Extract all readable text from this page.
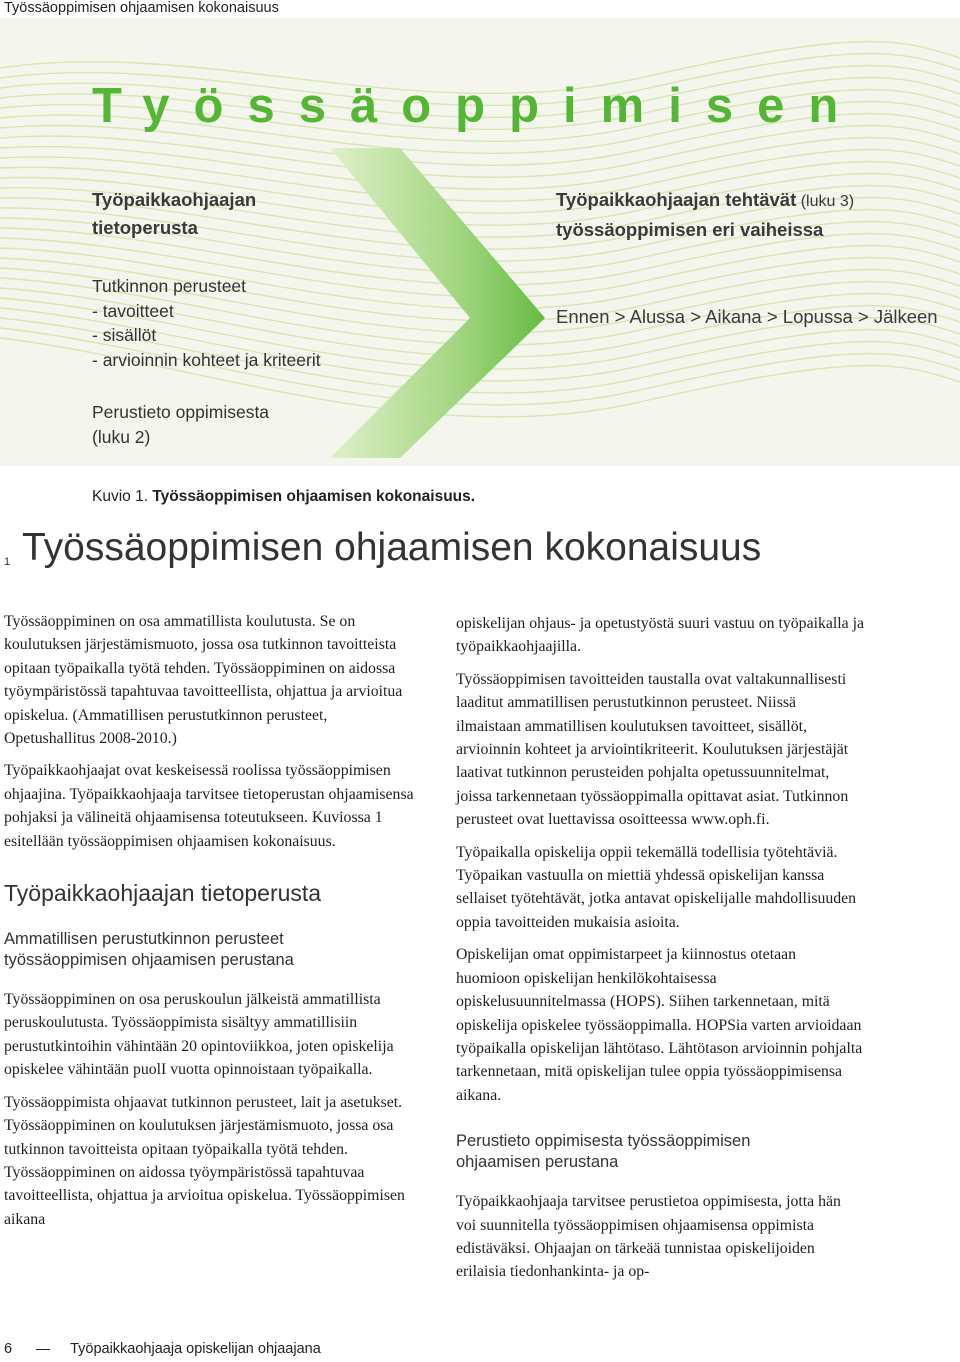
Työssäoppimisen ohjaamisen kokonaisuus
Työssäoppimisen
Työpaikkaohjaajan
tietoperusta
Työpaikkaohjaajan tehtävät (luku 3)
työssäoppimisen eri vaiheissa
Tutkinnon perusteet
- tavoitteet
- sisällöt
- arvioinnin kohteet ja kriteerit
Ennen > Alussa > Aikana > Lopussa > Jälkeen
Perustieto oppimisesta
(luku 2)
Kuvio 1. Työssäoppimisen ohjaamisen kokonaisuus.
1 Työssäoppimisen ohjaamisen kokonaisuus

Työssäoppiminen on osa ammatillista koulutusta. Se on koulutuksen järjestämismuoto, jossa osa tutkinnon tavoitteista opitaan työpaikalla työtä tehden. Työssäoppiminen on aidossa työympäristössä tapahtuvaa tavoitteellista, ohjattua ja arvioitua opiskelua. (Ammatillisen perustutkinnon perusteet, Opetushallitus 2008-2010.)

Työpaikkaohjaajat ovat keskeisessä roolissa työssäoppimisen ohjaajina. Työpaikkaohjaaja tarvitsee tietoperustan ohjaamisensa pohjaksi ja välineitä ohjaamisensa toteutukseen. Kuviossa 1 esitellään työssäoppimisen ohjaamisen kokonaisuus.

Työpaikkaohjaajan tietoperusta
Ammatillisen perustutkinnon perusteet
työssäoppimisen ohjaamisen perustana

Työssäoppiminen on osa peruskoulun jälkeistä ammatillista peruskoulutusta. Työssäoppimista sisältyy ammatillisiin perustutkintoihin vähintään 20 opintoviikkoa, joten opiskelija opiskelee vähintään puolI vuotta opinnoistaan työpaikalla.

Työssäoppimista ohjaavat tutkinnon perusteet, lait ja asetukset. Työssäoppiminen on koulutuksen järjestämismuoto, jossa osa tutkinnon tavoitteista opitaan työpaikalla työtä tehden. Työssäoppiminen on aidossa työympäristössä tapahtuvaa tavoitteellista, ohjattua ja arvioitua opiskelua. Työssäoppimisen aikana

opiskelijan ohjaus- ja opetustyöstä suuri vastuu on työpaikalla ja työpaikkaohjaajilla.

Työssäoppimisen tavoitteiden taustalla ovat valtakunnallisesti laaditut ammatillisen perustutkinnon perusteet. Niissä ilmaistaan ammatillisen koulutuksen tavoitteet, sisällöt, arvioinnin kohteet ja arviointikriteerit. Koulutuksen järjestäjät laativat tutkinnon perusteiden pohjalta opetussuunnitelmat, joissa tarkennetaan työssäoppimalla opittavat asiat. Tutkinnon perusteet ovat luettavissa osoitteessa www.oph.fi.

Työpaikalla opiskelija oppii tekemällä todellisia työtehtäviä. Työpaikan vastuulla on miettiä yhdessä opiskelijan kanssa sellaiset työtehtävät, jotka antavat opiskelijalle mahdollisuuden oppia tavoitteiden mukaisia asioita.

Opiskelijan omat oppimistarpeet ja kiinnostus otetaan huomioon opiskelijan henkilökohtaisessa opiskelusuunnitelmassa (HOPS). Siihen tarkennetaan, mitä opiskelija opiskelee työssäoppimalla. HOPSia varten arvioidaan työpaikalla opiskelijan lähtötaso. Lähtötason arvioinnin pohjalta tarkennetaan, mitä opiskelijan tulee oppia työssäoppimisensa aikana.

Perustieto oppimisesta työssäoppimisen
ohjaamisen perustana

Työpaikkaohjaaja tarvitsee perustietoa oppimisesta, jotta hän voi suunnitella työssäoppimisen ohjaamisensa oppimista edistäväksi. Ohjaajan on tärkeää tunnistaa opiskelijoiden erilaisia tiedonhankinta- ja op-

6	Työpaikkaohjaaja opiskelijan ohjaajana
